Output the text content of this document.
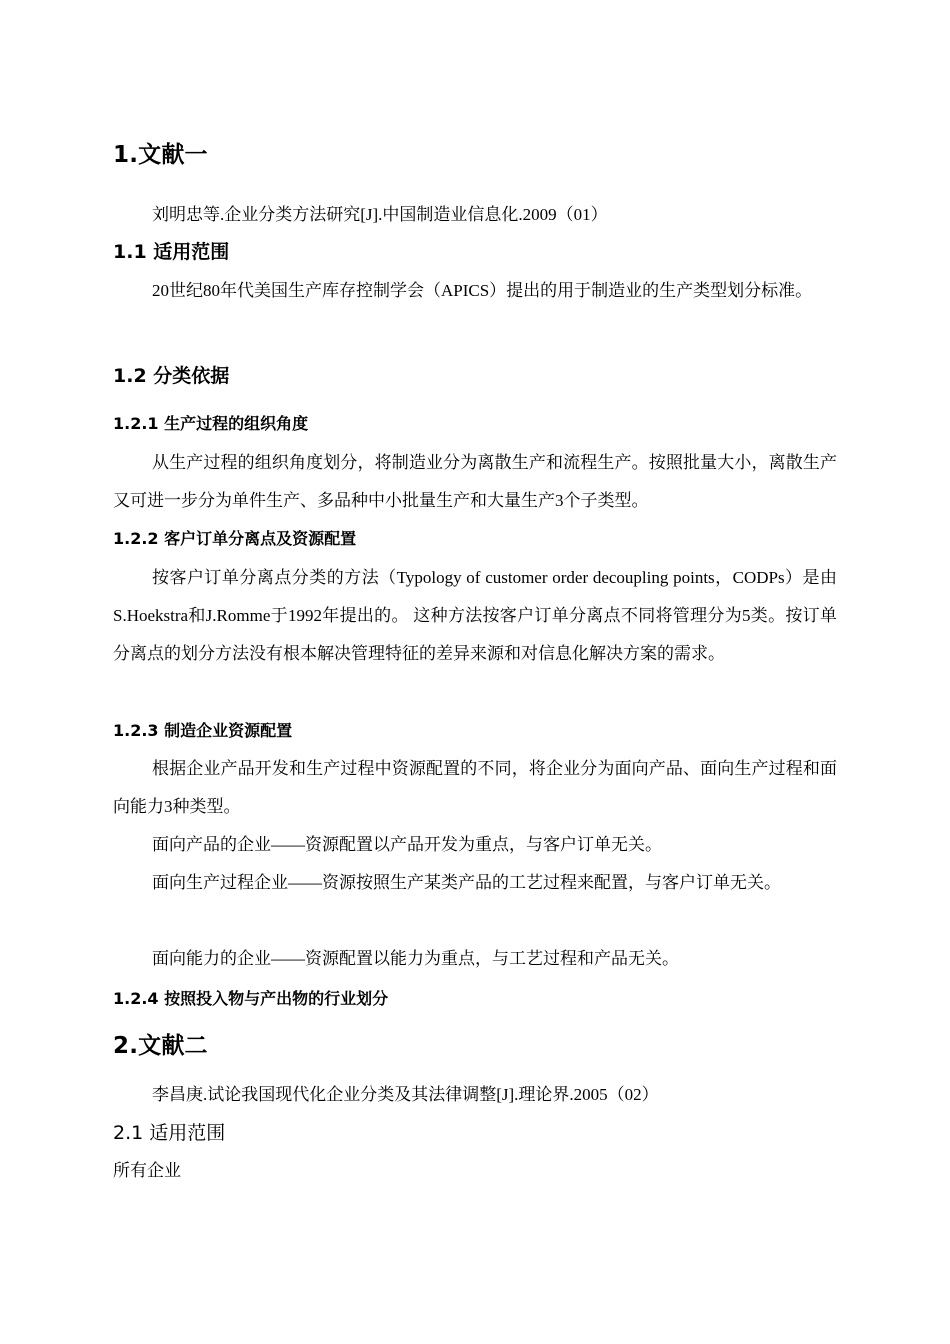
1.文献一

刘明忠等.企业分类方法研究[J].中国制造业信息化.2009（01）

1.1 适用范围

20世纪80年代美国生产库存控制学会（APICS）提出的用于制造业的生产类型划分标准。

1.2 分类依据
1.2.1 生产过程的组织角度

从生产过程的组织角度划分，将制造业分为离散生产和流程生产。按照批量大小，离散生产又可进一步分为单件生产、多品种中小批量生产和大量生产3个子类型。

1.2.2 客户订单分离点及资源配置

按客户订单分离点分类的方法（Typology of customer order decoupling points，CODPs）是由S.Hoekstra和J.Romme于1992年提出的。 这种方法按客户订单分离点不同将管理分为5类。按订单分离点的划分方法没有根本解决管理特征的差异来源和对信息化解决方案的需求。

1.2.3 制造企业资源配置

根据企业产品开发和生产过程中资源配置的不同，将企业分为面向产品、面向生产过程和面向能力3种类型。

面向产品的企业——资源配置以产品开发为重点，与客户订单无关。

面向生产过程企业——资源按照生产某类产品的工艺过程来配置，与客户订单无关。

面向能力的企业——资源配置以能力为重点，与工艺过程和产品无关。

1.2.4 按照投入物与产出物的行业划分
2.文献二

李昌庚.试论我国现代化企业分类及其法律调整[J].理论界.2005（02）

2.1 适用范围

所有企业
